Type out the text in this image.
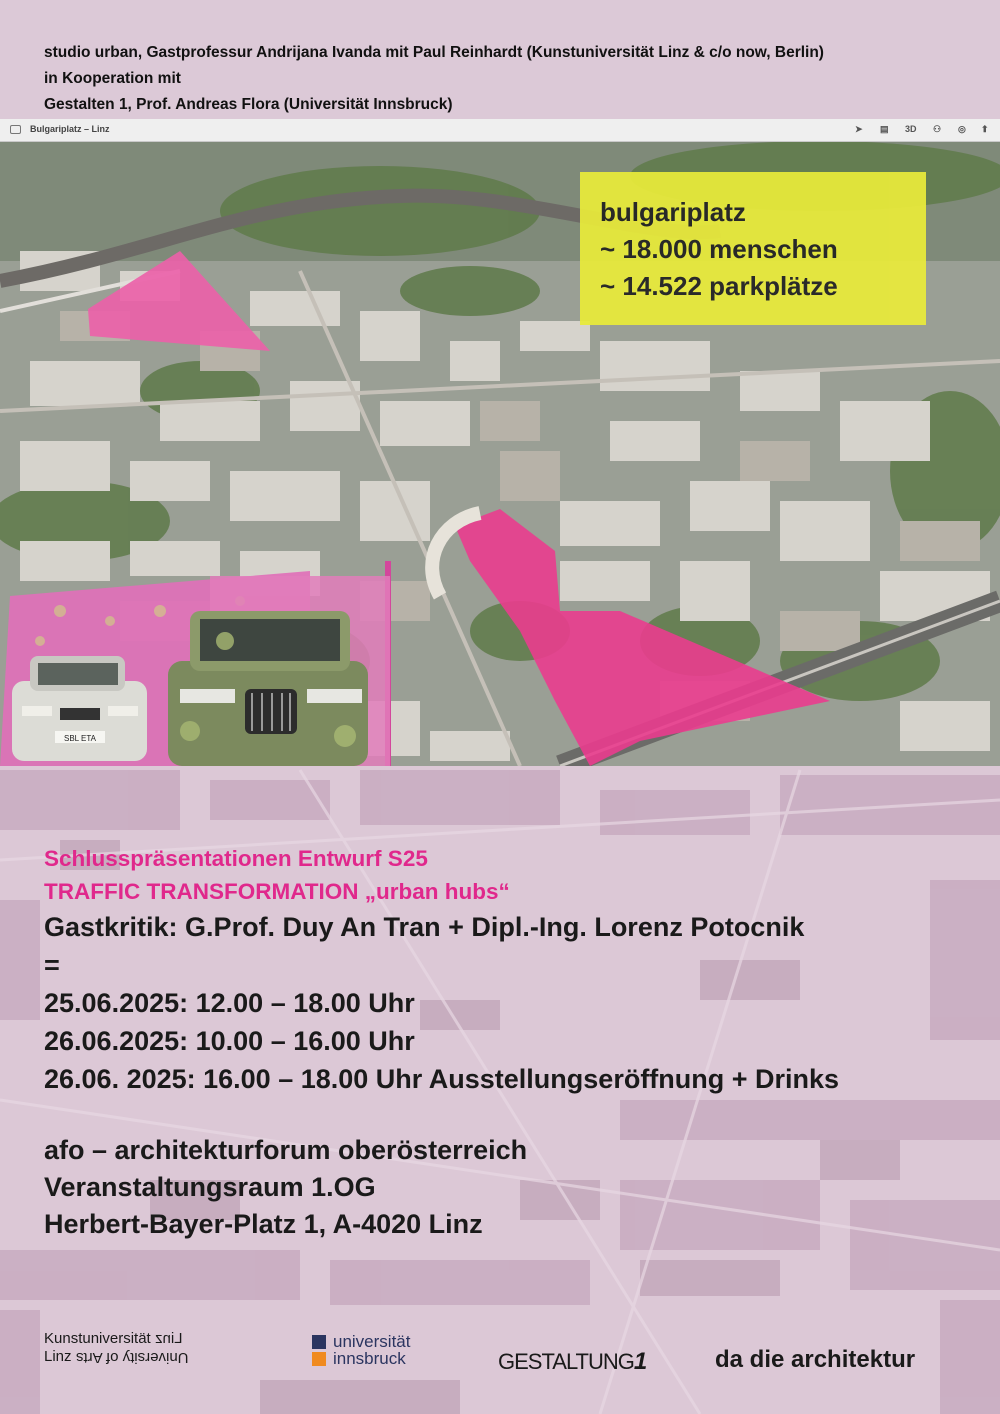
studio urban, Gastprofessur Andrijana Ivanda mit Paul Reinhardt (Kunstuniversität Linz & c/o now, Berlin)
in Kooperation mit
Gestalten 1, Prof. Andreas Flora (Universität Innsbruck)
Bulgariplatz – Linz	➤ ▤ 3D ⚇ ◎ ⬆
SBL ETA
bulgariplatz
~ 18.000 menschen
~ 14.522 parkplätze
Schlusspräsentationen Entwurf S25
TRAFFIC TRANSFORMATION „urban hubs“
Gastkritik: G.Prof. Duy An Tran + Dipl.-Ing. Lorenz Potocnik
=
25.06.2025: 12.00 – 18.00 Uhr
26.06.2025: 10.00 – 16.00 Uhr
26.06. 2025: 16.00 – 18.00 Uhr Ausstellungseröffnung + Drinks
afo – architekturforum oberösterreich
Veranstaltungsraum 1.OG
Herbert-Bayer-Platz 1, A-4020 Linz
Kunstuniversität Linz
Linz University of Arts
universität
innsbruck	GESTALTUNG1	da die architektur
